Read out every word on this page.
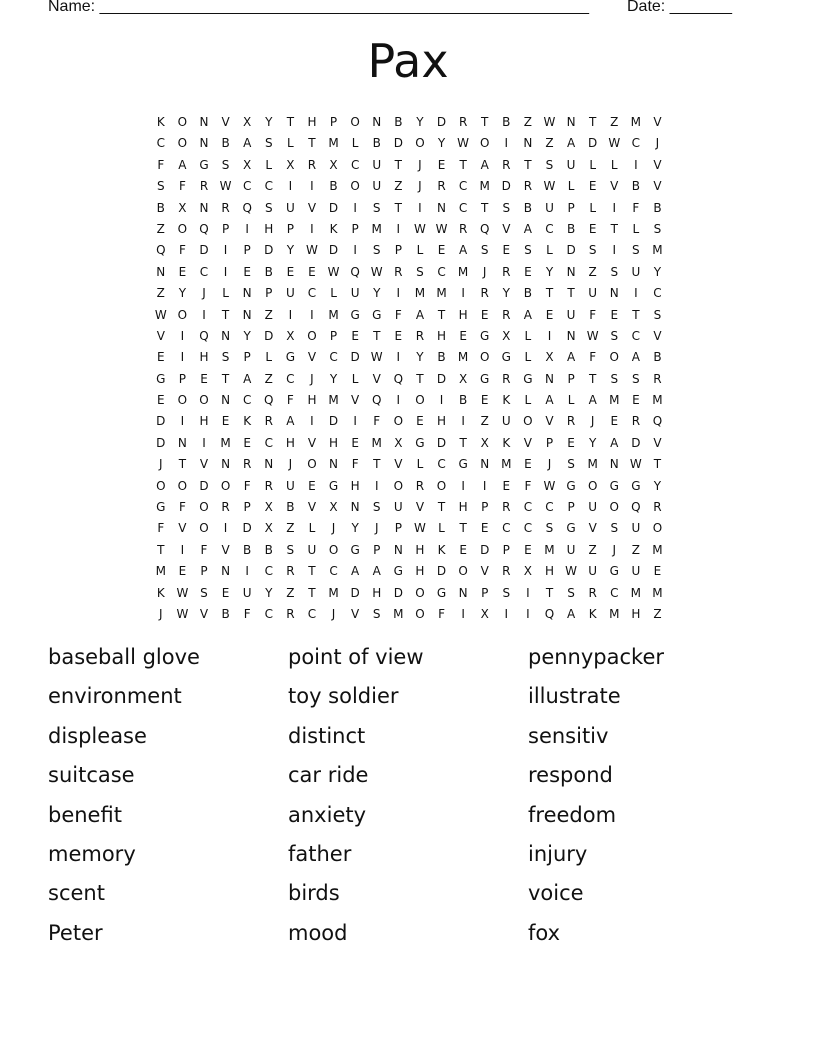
Name: _______________________________________________________ Date: _______
Pax
K	O	N	V	X	Y	T	H	P	O	N	B	Y	D	R	T	B	Z W N	T	Z	M	V
C	O	N	B	A	S	L	T	M	L	B	D	O	Y W O	I	N	Z	A	D W C	J
F	A	G	S	X	L	X	R	X	C	U	T	J	E	T	A	R	T	S	U	L	L	I	V
S	F	R W C	C	I	I	B	O	U	Z	J	R	C	M D	R W	L	E	V	B	V
B	X	N	R	Q	S	U	V	D	I	S	T	I	N	C	T	S	B	U	P	L	I	F	B
Z	O	Q	P	I	H	P	I	K	P	M	I	W W R	Q	V	A	C	B	E	T	L	S
Q	F	D	I	P	D	Y W D	I	S	P	L	E	A	S	E	S	L	D	S	I	S	M
N	E	C	I	E	B	E	E W Q W R	S	C	M	J	R	E	Y	N	Z	S	U	Y
Z	Y	J	L	N	P	U	C	L	U	Y	I	M M	I	R	Y	B	T	T	U	N	I	C
W O	I	T	N	Z	I	I	M G	G	F	A	T	H	E	R	A	E	U	F	E	T	S
V	I	Q	N	Y	D	X	O	P	E	T	E	R	H	E	G	X	L	I	N W S	C	V
E	I	H	S	P	L	G	V	C	D W	I	Y	B	M O	G	L	X	A	F	O	A	B
G	P	E	T	A	Z	C	J	Y	L	V	Q	T	D	X	G	R	G	N	P	T	S	S	R
E	O	O	N	C	Q	F	H M	V	Q	I	O	I	B	E	K	L	A	L	A	M	E	M
D	I	H	E	K	R	A	I	D	I	F	O	E	H	I	Z	U	O	V	R	J	E	R	Q
D	N	I	M	E	C	H	V	H	E	M	X	G	D	T	X	K	V	P	E	Y	A	D	V
J	T	V	N	R	N	J	O	N	F	T	V	L	C	G	N M	E	J	S	M N W T
O	O	D	O	F	R	U	E	G	H	I	O	R	O	I	I	E	F	W G	O	G	G	Y
G	F	O	R	P	X	B	V	X	N	S	U	V	T	H	P	R	C	C	P	U	O	Q	R
F	V	O	I	D	X	Z	L	J	Y	J	P	W	L	T	E	C	C	S	G	V	S	U	O
T	I	F	V	B	B	S	U	O	G	P	N	H	K	E	D	P	E	M	U	Z	J	Z	M
M	E	P	N	I	C	R	T	C	A	A	G	H	D	O	V	R	X	H W U	G	U	E
K W S	E	U	Y	Z	T	M D	H	D	O	G	N	P	S	I	T	S	R	C	M M
J	W V	B	F	C	R	C	J	V	S	M O	F	I	X	I	I	Q	A	K	M H	Z
baseball glove
environment
displease
suitcase
benefit
memory
scent
Peter
point of view
toy soldier
distinct
car ride
anxiety
father
birds
mood
pennypacker
illustrate
sensitiv
respond
freedom
injury
voice
fox
